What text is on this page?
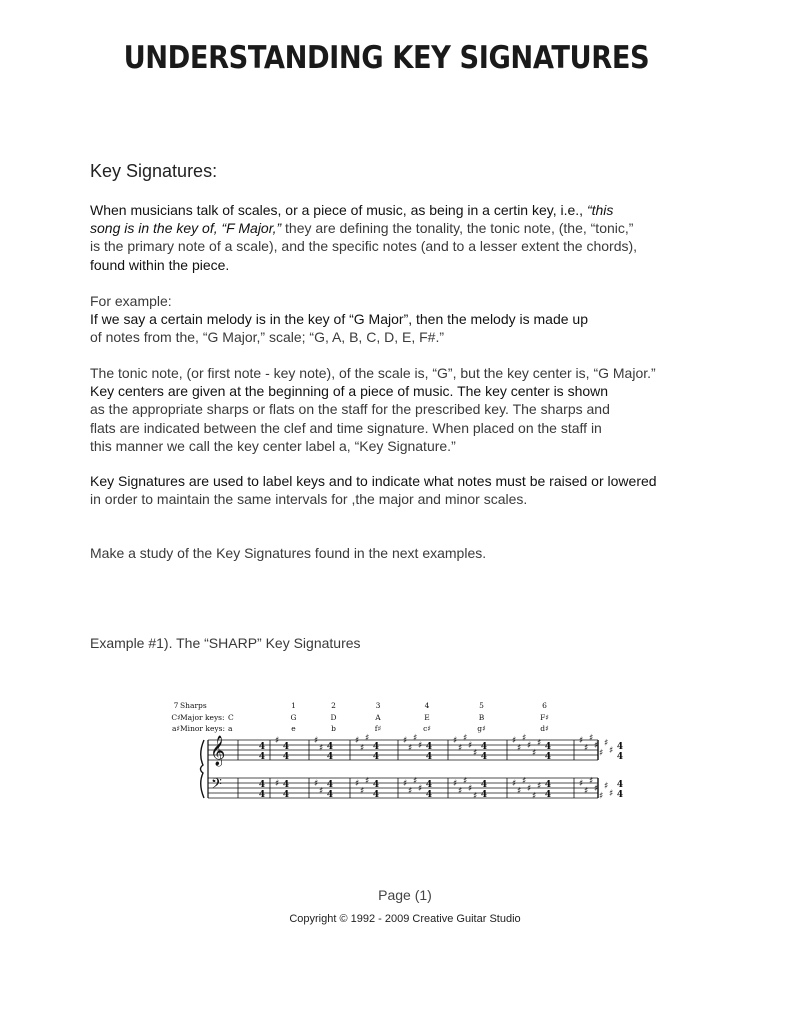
UNDERSTANDING KEY SIGNATURES
Key Signatures:
When musicians talk of scales, or a piece of music, as being in a certin key, i.e., “this
song is in the key of, “F Major,” they are defining the tonality, the tonic note, (the, “tonic,”
is the primary note of a scale), and the specific notes (and to a lesser extent the chords),
found within the piece.
For example:
If we say a certain melody is in the key of “G Major”, then the melody is made up
of notes from the, “G Major,” scale; “G, A, B, C, D, E, F#.”
The tonic note, (or first note - key note), of the scale is, “G”, but the key center is, “G Major.”
Key centers are given at the beginning of a piece of music. The key center is shown
as the appropriate sharps or flats on the staff for the prescribed key. The sharps and
flats are indicated between the clef and time signature. When placed on the staff in
this manner we call the key center label a, “Key Signature.”
Key Signatures are used to label keys and to indicate what notes must be raised or lowered
in order to maintain the same intervals for ,the major and minor scales.
Make a study of the Key Signatures found in the next examples.
Example #1). The “SHARP” Key Signatures
Sharps
Major keys:
Minor keys:
C
a
1
G
e
2
D
b
3
A
f♯
4
E
c♯
5
B
g♯
6
F♯
d♯
7
C♯
a♯
𝄞
𝄢
4
4
4
4
4
4
4
4
4
4
4
4
4
4
4
4
4
4
4
4
4
4
4
4
4
4
4
4
4
4
4
4
♯
♯
♯
♯
♯
♯
♯
♯
♯
♯
♯
♯
♯
♯
♯
♯
♯
♯
♯
♯
♯
♯
♯
♯
♯
♯
♯
♯
♯
♯
♯
♯
♯
♯
♯
♯
♯
♯
♯
♯
♯
♯
♯
♯
♯
♯
♯
♯
♯
♯
♯
♯
♯
♯
♯
♯
Page (1)
Copyright © 1992 - 2009 Creative Guitar Studio
